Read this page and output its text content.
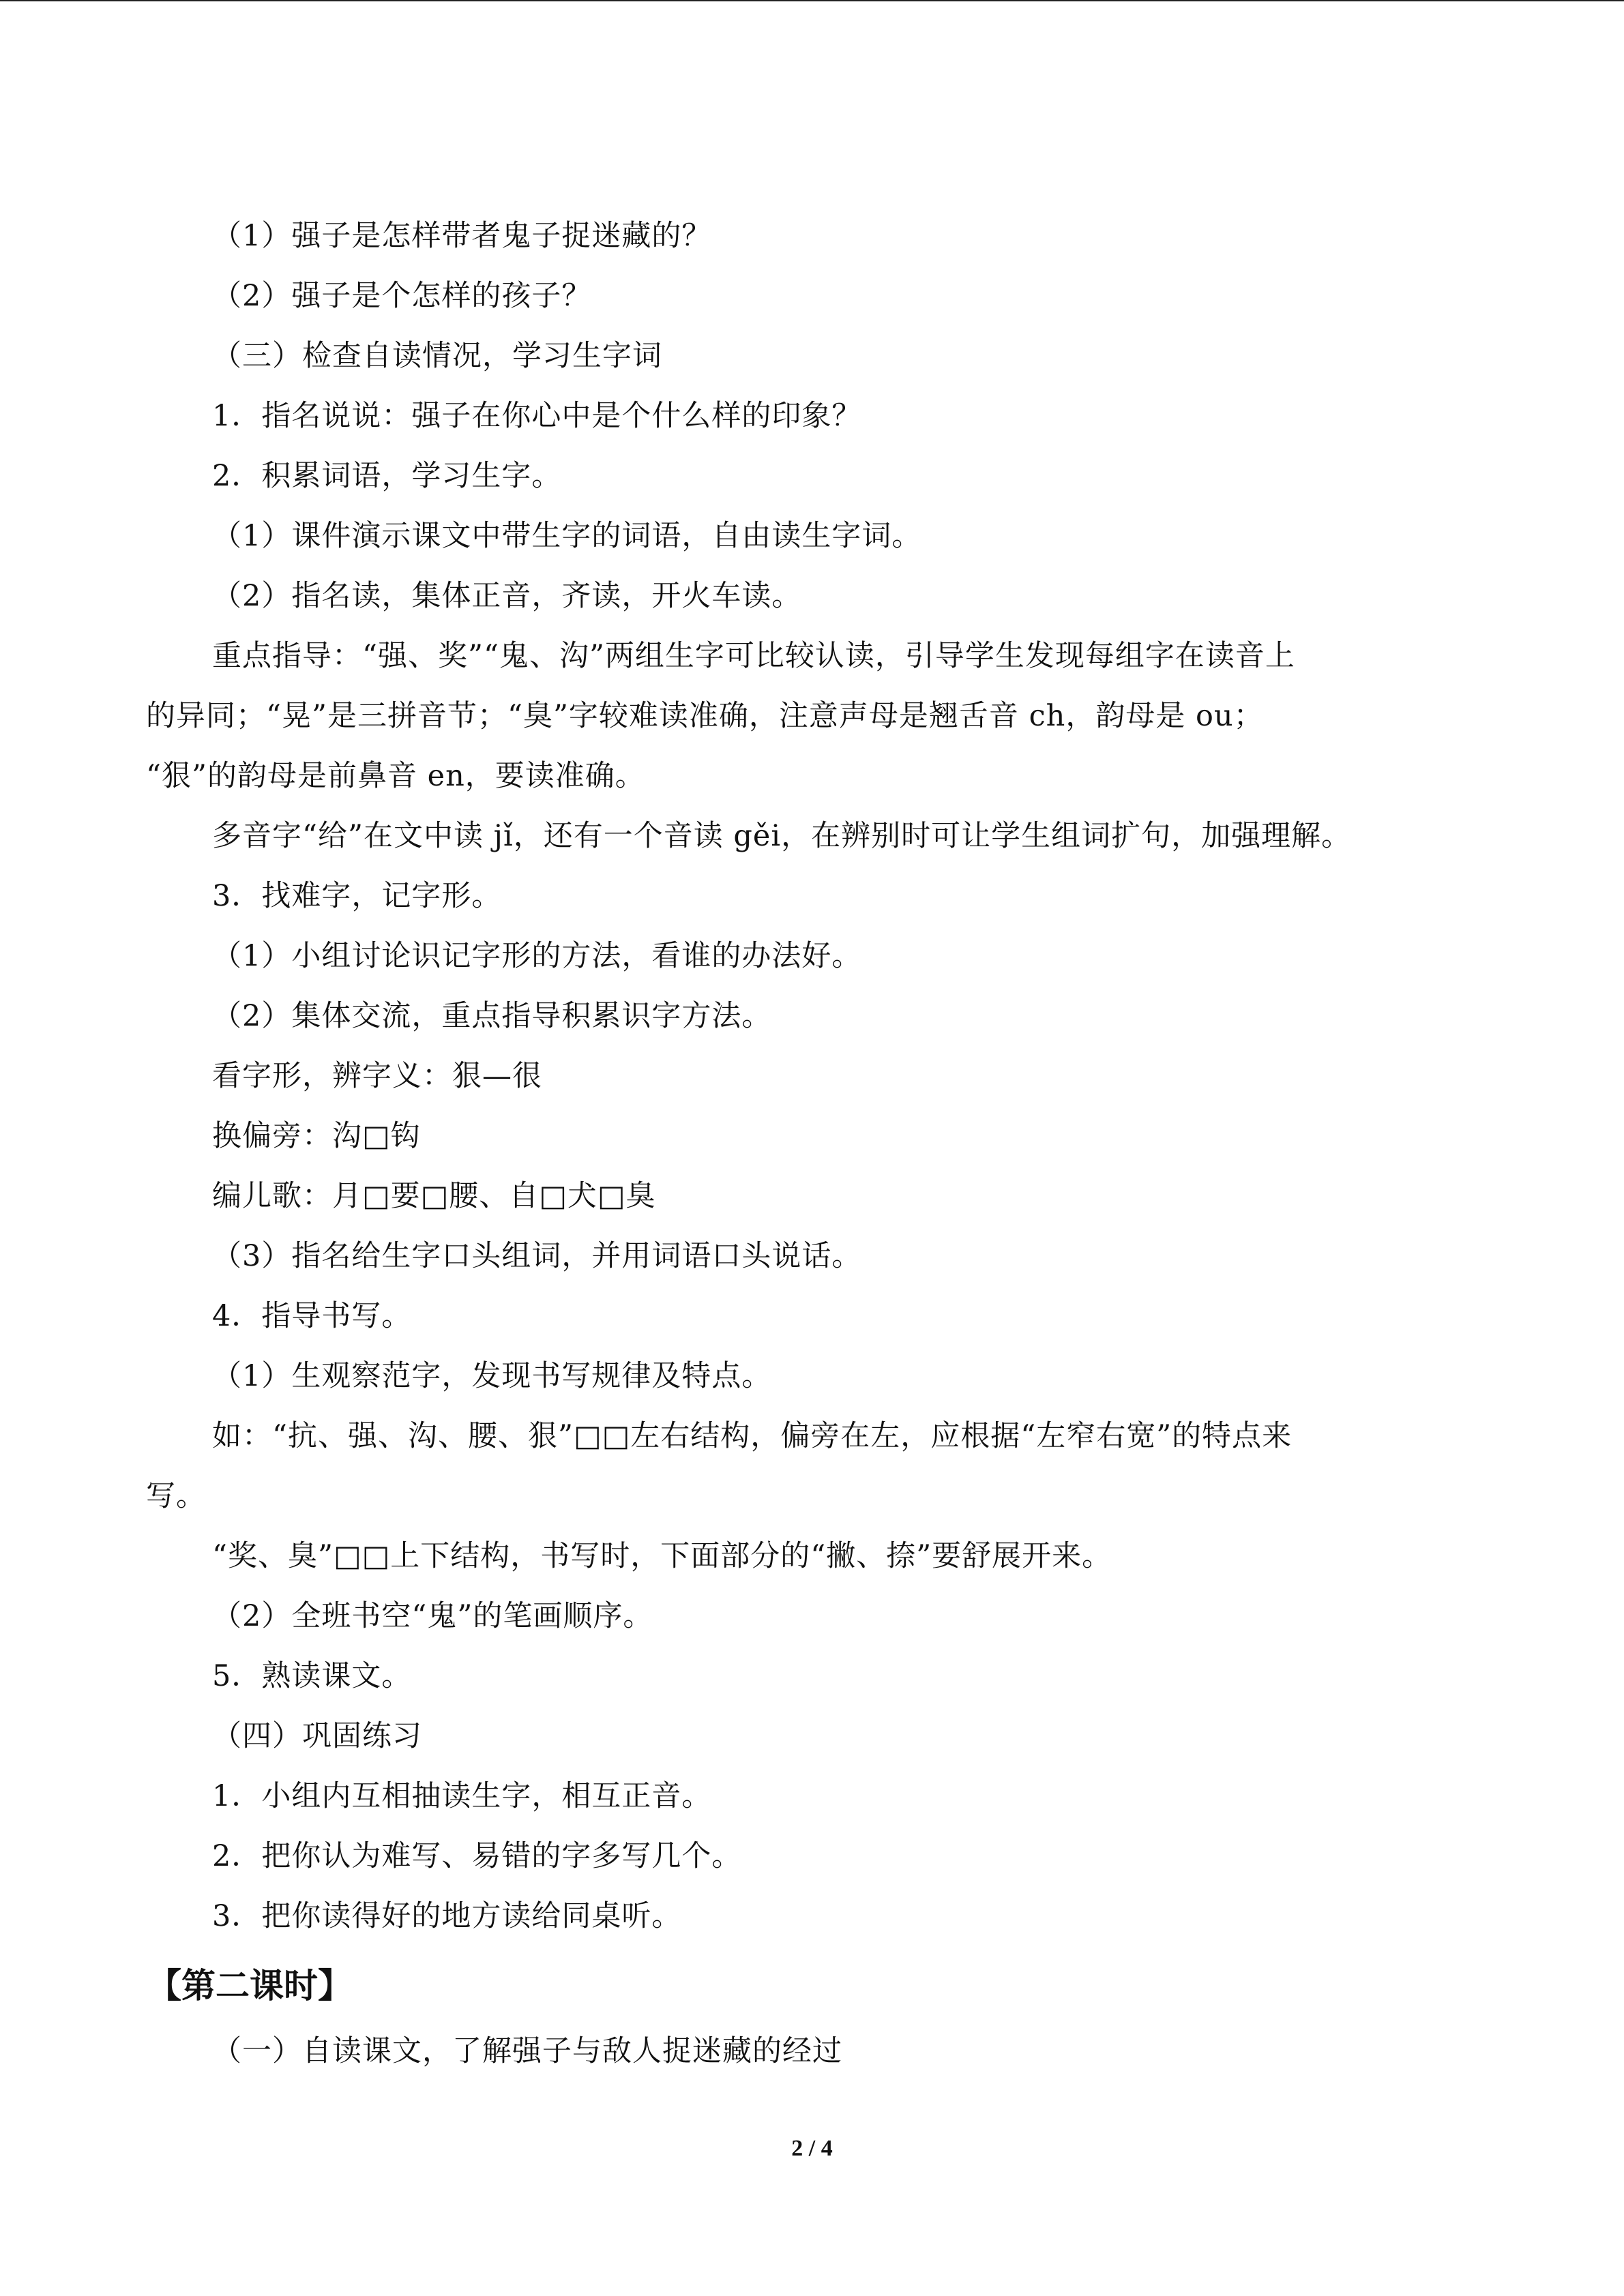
（1）强子是怎样带者鬼子捉迷藏的？
（2）强子是个怎样的孩子？
（三）检查自读情况，学习生字词
1．指名说说：强子在你心中是个什么样的印象？
2．积累词语，学习生字。
（1）课件演示课文中带生字的词语，自由读生字词。
（2）指名读，集体正音，齐读，开火车读。
重点指导：“强、奖”“鬼、沟”两组生字可比较认读，引导学生发现每组字在读音上
的异同；“晃”是三拼音节；“臭”字较难读准确，注意声母是翘舌音 ch，韵母是 ou；
“狠”的韵母是前鼻音 en，要读准确。
多音字“给”在文中读 jǐ，还有一个音读 gěi，在辨别时可让学生组词扩句，加强理解。
3．找难字，记字形。
（1）小组讨论识记字形的方法，看谁的办法好。
（2）集体交流，重点指导积累识字方法。
看字形，辨字义：狠—很
换偏旁：沟□钩
编儿歌：月□要□腰、自□犬□臭
（3）指名给生字口头组词，并用词语口头说话。
4．指导书写。
（1）生观察范字，发现书写规律及特点。
如：“抗、强、沟、腰、狠”□□左右结构，偏旁在左，应根据“左窄右宽”的特点来
写。
“奖、臭”□□上下结构，书写时，下面部分的“撇、捺”要舒展开来。
（2）全班书空“鬼”的笔画顺序。
5．熟读课文。
（四）巩固练习
1．小组内互相抽读生字，相互正音。
2．把你认为难写、易错的字多写几个。
3．把你读得好的地方读给同桌听。
【第二课时】
（一）自读课文，了解强子与敌人捉迷藏的经过
2 / 4
